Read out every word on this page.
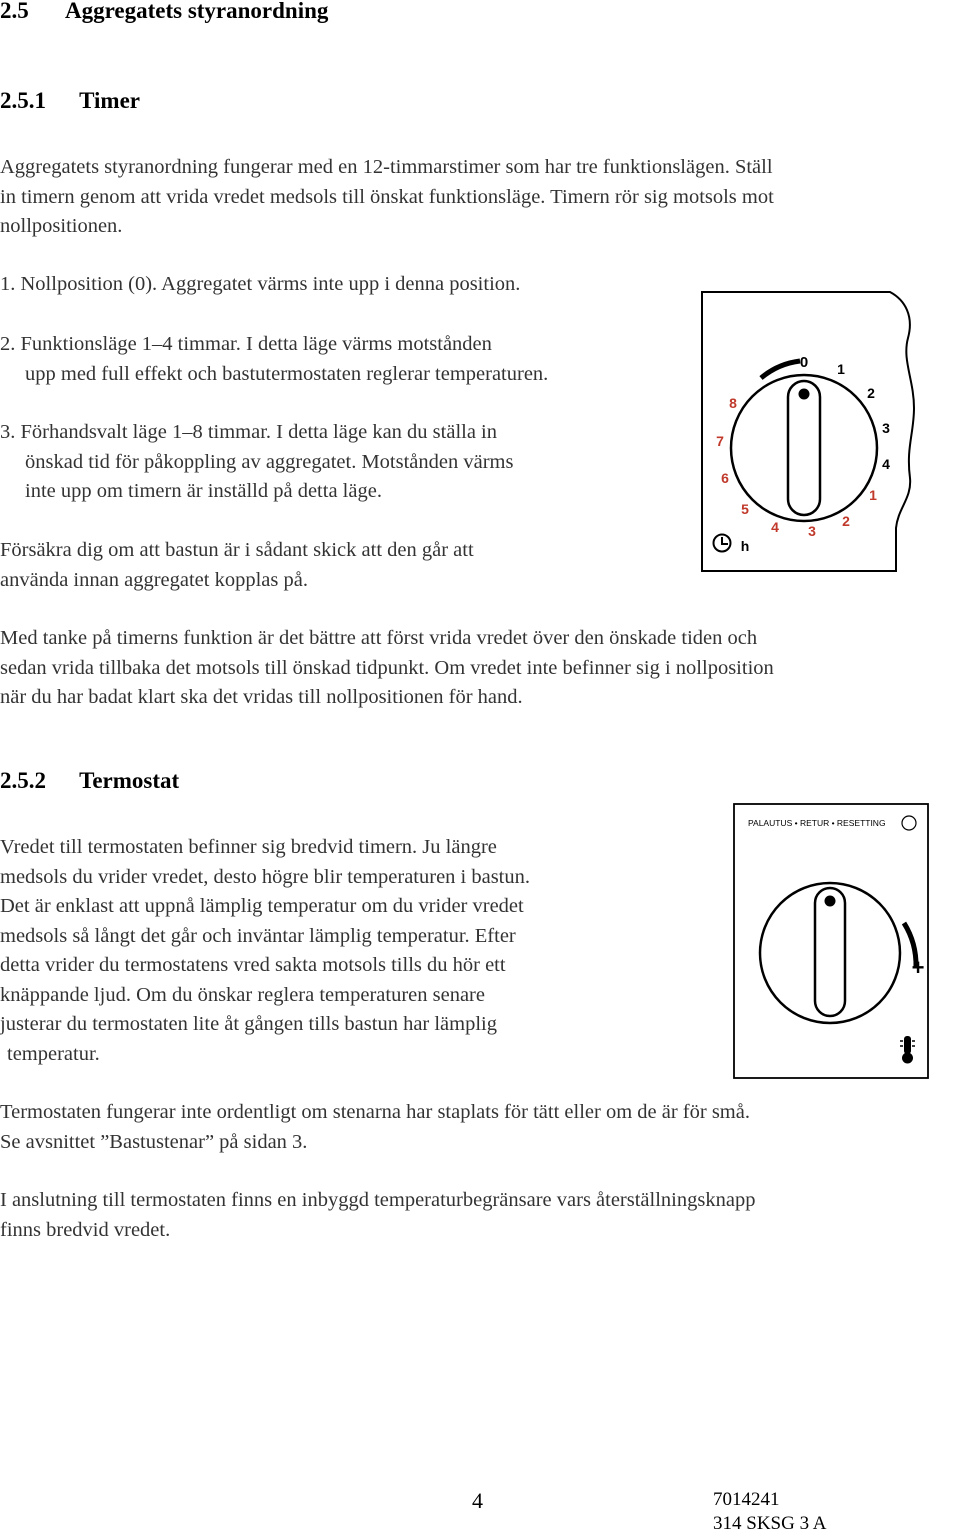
2.5 Aggregatets styranordning
2.5.1 Timer
Aggregatets styranordning fungerar med en 12-timmarstimer som har tre funktionslägen. Ställ
in timern genom att vrida vredet medsols till önskat funktionsläge. Timern rör sig motsols mot
nollpositionen.
1. Nollposition (0). Aggregatet värms inte upp i denna position.
2. Funktionsläge 1–4 timmar. I detta läge värms motstånden
upp med full effekt och bastutermostaten reglerar temperaturen.
3. Förhandsvalt läge 1–8 timmar. I detta läge kan du ställa in
önskad tid för påkoppling av aggregatet. Motstånden värms
inte upp om timern är inställd på detta läge.
Försäkra dig om att bastun är i sådant skick att den går att
använda innan aggregatet kopplas på.
0 1
2
3
4
1
2
3
4
5
6
7
8
h
Med tanke på timerns funktion är det bättre att först vrida vredet över den önskade tiden och
sedan vrida tillbaka det motsols till önskad tidpunkt. Om vredet inte befinner sig i nollposition
när du har badat klart ska det vridas till nollpositionen för hand.
2.5.2 Termostat
Vredet till termostaten befinner sig bredvid timern. Ju längre
medsols du vrider vredet, desto högre blir temperaturen i bastun.
Det är enklast att uppnå lämplig temperatur om du vrider vredet
medsols så långt det går och inväntar lämplig temperatur. Efter
detta vrider du termostatens vred sakta motsols tills du hör ett
knäppande ljud. Om du önskar reglera temperaturen senare
justerar du termostaten lite åt gången tills bastun har lämplig
temperatur.
PALAUTUS • RETUR • RESETTING
+
Termostaten fungerar inte ordentligt om stenarna har staplats för tätt eller om de är för små.
Se avsnittet ”Bastustenar” på sidan 3.
I anslutning till termostaten finns en inbyggd temperaturbegränsare vars återställningsknapp
finns bredvid vredet.
4	7014241
314 SKSG 3 A
